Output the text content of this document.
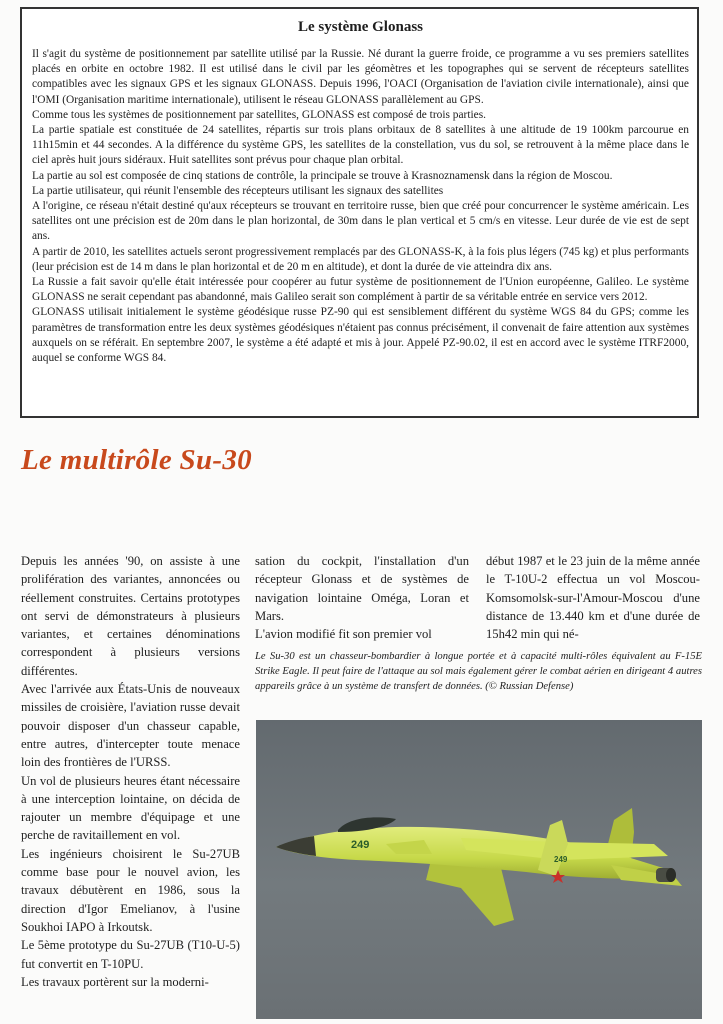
Le système Glonass

Il s'agit du système de positionnement par satellite utilisé par la Russie. Né durant la guerre froide, ce programme a vu ses premiers satellites placés en orbite en octobre 1982. Il est utilisé dans le civil par les géomètres et les topographes qui se servent de récepteurs satellites compatibles avec les signaux GPS et les signaux GLONASS. Depuis 1996, l'OACI (Organisation de l'aviation civile internationale), ainsi que l'OMI (Organisation maritime internationale), utilisent le réseau GLONASS parallèlement au GPS.

Comme tous les systèmes de positionnement par satellites, GLONASS est composé de trois parties.

La partie spatiale est constituée de 24 satellites, répartis sur trois plans orbitaux de 8 satellites à une altitude de 19 100km parcourue en 11h15min et 44 secondes. A la différence du système GPS, les satellites de la constellation, vus du sol, se retrouvent à la même place dans le ciel après huit jours sidéraux. Huit satellites sont prévus pour chaque plan orbital.

La partie au sol est composée de cinq stations de contrôle, la principale se trouve à Krasnoznamensk dans la région de Moscou.

La partie utilisateur, qui réunit l'ensemble des récepteurs utilisant les signaux des satellites

A l'origine, ce réseau n'était destiné qu'aux récepteurs se trouvant en territoire russe, bien que créé pour concurrencer le système américain. Les satellites ont une précision est de 20m dans le plan horizontal, de 30m dans le plan vertical et 5 cm/s en vitesse. Leur durée de vie est de sept ans.

A partir de 2010, les satellites actuels seront progressivement remplacés par des GLONASS-K, à la fois plus légers (745 kg) et plus performants (leur précision est de 14 m dans le plan horizontal et de 20 m en altitude), et dont la durée de vie atteindra dix ans.

La Russie a fait savoir qu'elle était intéressée pour coopérer au futur système de positionnement de l'Union européenne, Galileo. Le système GLONASS ne serait cependant pas abandonné, mais Galileo serait son complément à partir de sa véritable entrée en service vers 2012.

GLONASS utilisait initialement le système géodésique russe PZ-90 qui est sensiblement différent du système WGS 84 du GPS; comme les paramètres de transformation entre les deux systèmes géodésiques n'étaient pas connus précisément, il convenait de faire attention aux systèmes auxquels on se référait. En septembre 2007, le système a été adapté et mis à jour. Appelé PZ-90.02, il est en accord avec le système ITRF2000, auquel se conforme WGS 84.

Le multirôle Su-30

Depuis les années '90, on assiste à une prolifération des variantes, annoncées ou réellement construites. Certains prototypes ont servi de démonstrateurs à plusieurs variantes, et certaines dénominations correspondent à plusieurs versions différentes.

Avec l'arrivée aux États-Unis de nouveaux missiles de croisière, l'aviation russe devait pouvoir disposer d'un chasseur capable, entre autres, d'intercepter toute menace loin des frontières de l'URSS.

Un vol de plusieurs heures étant nécessaire à une interception lointaine, on décida de rajouter un membre d'équipage et une perche de ravitaillement en vol.

Les ingénieurs choisirent le Su-27UB comme base pour le nouvel avion, les travaux débutèrent en 1986, sous la direction d'Igor Emelianov, à l'usine Soukhoi IAPO à Irkoutsk.

Le 5ème prototype du Su-27UB (T10-U-5) fut convertit en T-10PU.

Les travaux portèrent sur la moderni-

sation du cockpit, l'installation d'un récepteur Glonass et de systèmes de navigation lointaine Oméga, Loran et Mars.

L'avion modifié fit son premier vol

début 1987 et le 23 juin de la même année le T-10U-2 effectua un vol Moscou-Komsomolsk-sur-l'Amour-Moscou d'une distance de 13.440 km et d'une durée de 15h42 min qui né-

Le Su-30 est un chasseur-bombardier à longue portée et à capacité multi-rôles équivalent au F-15E Strike Eagle. Il peut faire de l'attaque au sol mais également gérer le combat aérien en dirigeant 4 autres appareils grâce à un système de transfert de données. (© Russian Defense)
249
249
